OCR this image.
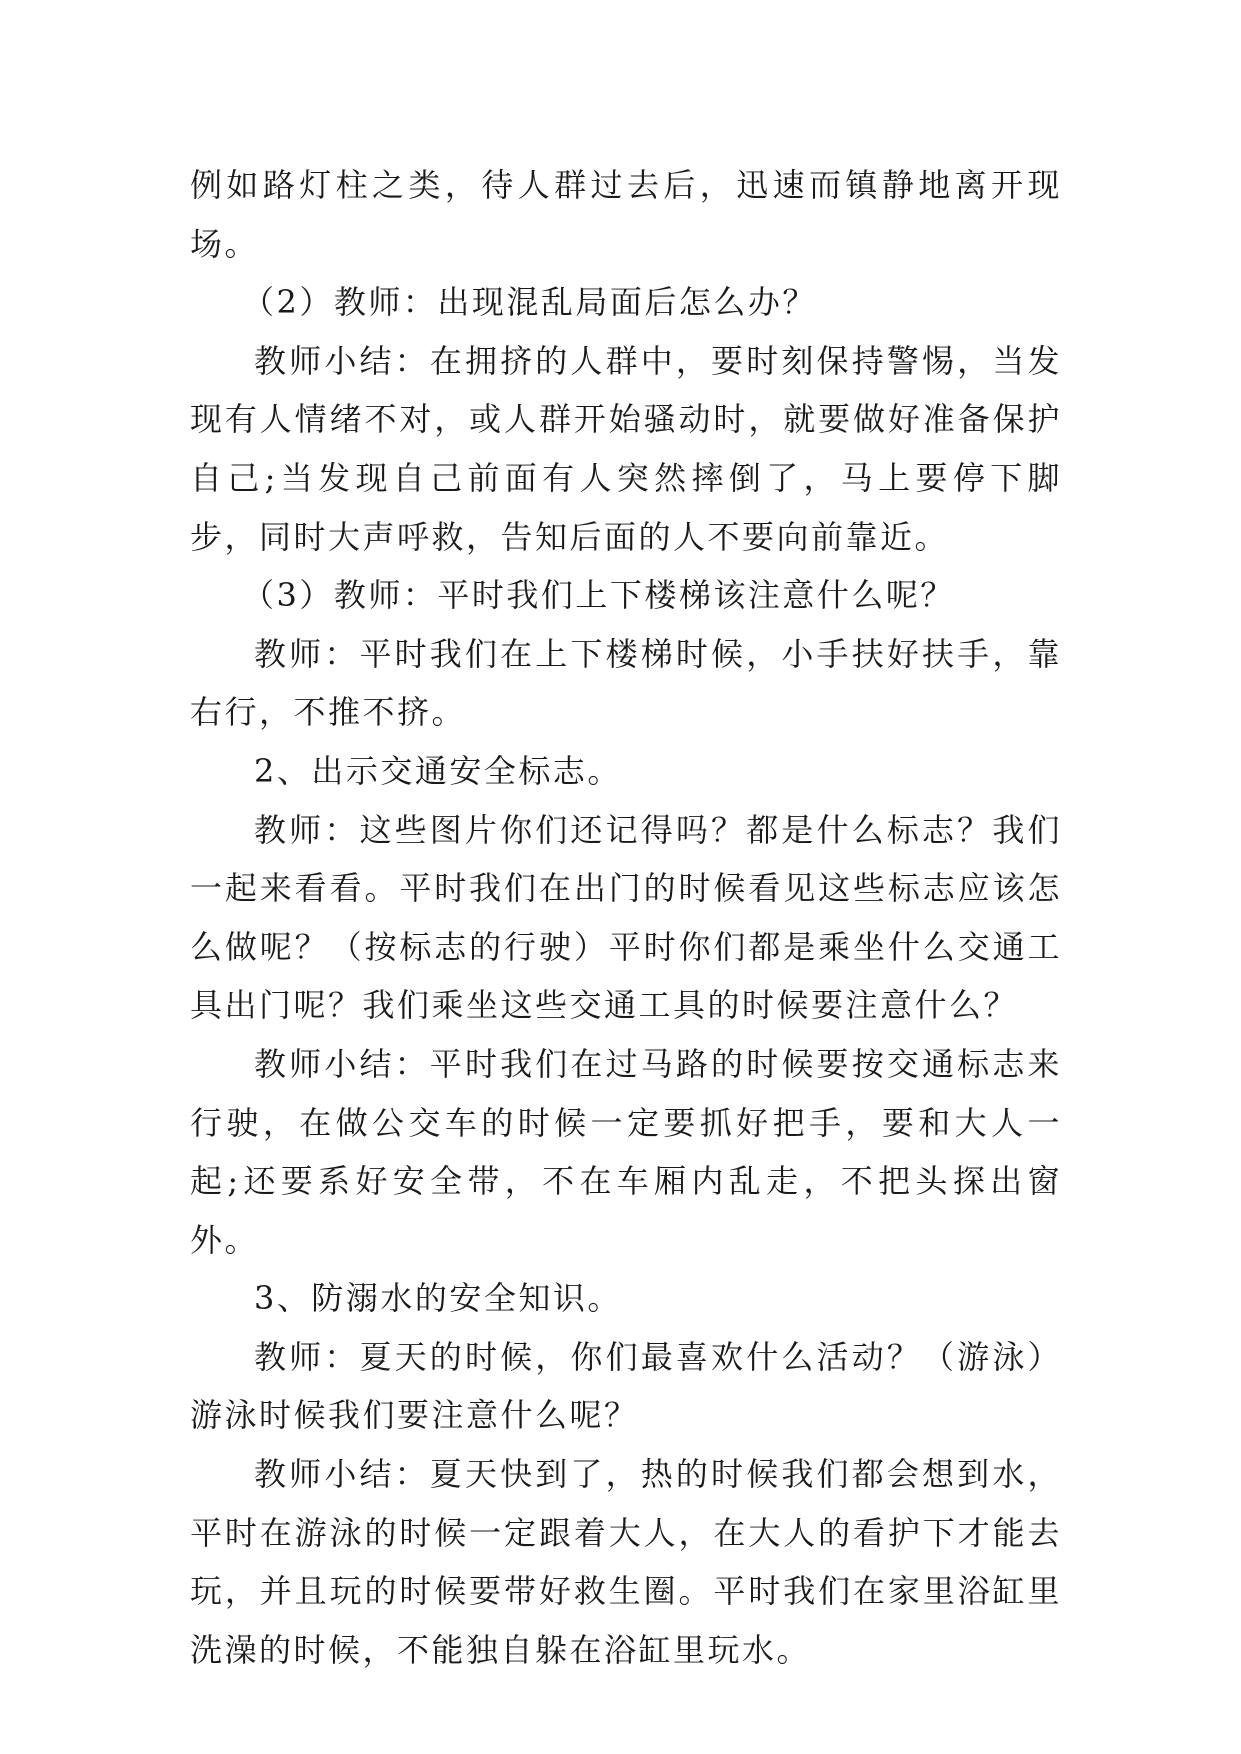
例如路灯柱之类，待人群过去后，迅速而镇静地离开现场。

（2）教师：出现混乱局面后怎么办？

教师小结：在拥挤的人群中，要时刻保持警惕，当发现有人情绪不对，或人群开始骚动时，就要做好准备保护自己;当发现自己前面有人突然摔倒了，马上要停下脚步，同时大声呼救，告知后面的人不要向前靠近。

（3）教师：平时我们上下楼梯该注意什么呢？

教师：平时我们在上下楼梯时候，小手扶好扶手，靠右行，不推不挤。

2、出示交通安全标志。

教师：这些图片你们还记得吗？都是什么标志？我们一起来看看。平时我们在出门的时候看见这些标志应该怎么做呢？（按标志的行驶）平时你们都是乘坐什么交通工具出门呢？我们乘坐这些交通工具的时候要注意什么？

教师小结：平时我们在过马路的时候要按交通标志来行驶，在做公交车的时候一定要抓好把手，要和大人一起;还要系好安全带，不在车厢内乱走，不把头探出窗外。

3、防溺水的安全知识。

教师：夏天的时候，你们最喜欢什么活动？（游泳）游泳时候我们要注意什么呢？

教师小结：夏天快到了，热的时候我们都会想到水，平时在游泳的时候一定跟着大人，在大人的看护下才能去玩，并且玩的时候要带好救生圈。平时我们在家里浴缸里洗澡的时候，不能独自躲在浴缸里玩水。
